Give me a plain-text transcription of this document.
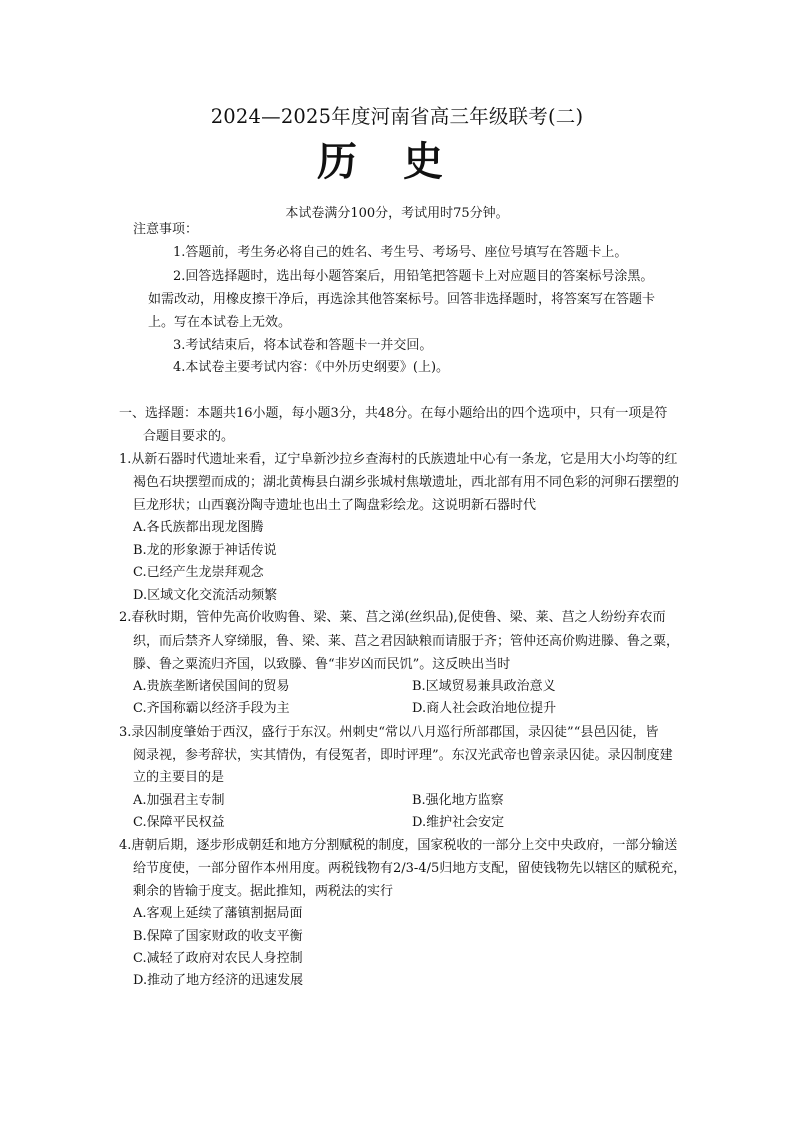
2024—2025年度河南省高三年级联考(二)
历史
本试卷满分100分，考试用时75分钟。
注意事项：
1.答题前，考生务必将自己的姓名、考生号、考场号、座位号填写在答题卡上。
2.回答选择题时，选出每小题答案后，用铅笔把答题卡上对应题目的答案标号涂黑。
如需改动，用橡皮擦干净后，再选涂其他答案标号。回答非选择题时，将答案写在答题卡
上。写在本试卷上无效。
3.考试结束后，将本试卷和答题卡一并交回。
4.本试卷主要考试内容：《中外历史纲要》(上)。
一、选择题：本题共16小题，每小题3分，共48分。在每小题给出的四个选项中，只有一项是符
合题目要求的。
1.从新石器时代遗址来看，辽宁阜新沙拉乡查海村的氏族遗址中心有一条龙，它是用大小均等的红
褐色石块摆塑而成的；湖北黄梅县白湖乡张城村焦墩遗址，西北部有用不同色彩的河卵石摆塑的
巨龙形状；山西襄汾陶寺遗址也出土了陶盘彩绘龙。这说明新石器时代
A.各氏族都出现龙图腾
B.龙的形象源于神话传说
C.已经产生龙崇拜观念
D.区域文化交流活动频繁
2.春秋时期，管仲先高价收购鲁、梁、莱、莒之涕(丝织品),促使鲁、梁、莱、莒之人纷纷弃农而
织，而后禁齐人穿绨服，鲁、梁、莱、莒之君因缺粮而请服于齐；管仲还高价购进滕、鲁之粟，
滕、鲁之粟流归齐国，以致滕、鲁“非岁凶而民饥”。这反映出当时
A.贵族垄断诸侯国间的贸易	B.区域贸易兼具政治意义
C.齐国称霸以经济手段为主	D.商人社会政治地位提升
3.录囚制度肇始于西汉，盛行于东汉。州刺史“常以八月巡行所部郡国，录囚徒”“县邑囚徒，皆
阅录视，参考辞状，实其情伪，有侵冤者，即时评理”。东汉光武帝也曾亲录囚徒。录囚制度建
立的主要目的是
A.加强君主专制	B.强化地方监察
C.保障平民权益	D.维护社会安定
4.唐朝后期，逐步形成朝廷和地方分割赋税的制度，国家税收的一部分上交中央政府，一部分输送
给节度使，一部分留作本州用度。两税钱物有2/3-4/5归地方支配，留使钱物先以辖区的赋税充，
剩余的皆输于度支。据此推知，两税法的实行
A.客观上延续了藩镇割据局面
B.保障了国家财政的收支平衡
C.减轻了政府对农民人身控制
D.推动了地方经济的迅速发展
